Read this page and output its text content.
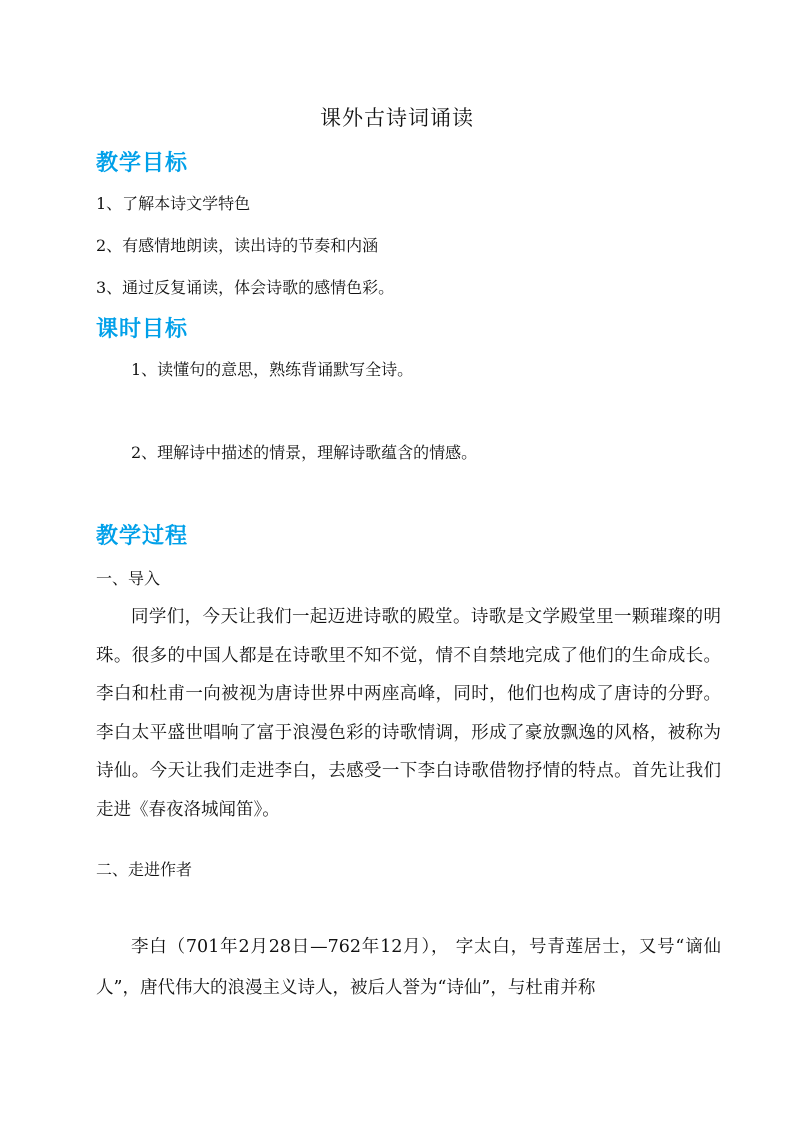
课外古诗词诵读
教学目标
1、了解本诗文学特色
2、有感情地朗读，读出诗的节奏和内涵
3、通过反复诵读，体会诗歌的感情色彩。
课时目标
1、读懂句的意思，熟练背诵默写全诗。
2、理解诗中描述的情景，理解诗歌蕴含的情感。
教学过程
一、导入

同学们，今天让我们一起迈进诗歌的殿堂。诗歌是文学殿堂里一颗璀璨的明珠。很多的中国人都是在诗歌里不知不觉，情不自禁地完成了他们的生命成长。李白和杜甫一向被视为唐诗世界中两座高峰，同时，他们也构成了唐诗的分野。李白太平盛世唱响了富于浪漫色彩的诗歌情调，形成了豪放飘逸的风格，被称为诗仙。今天让我们走进李白，去感受一下李白诗歌借物抒情的特点。首先让我们走进《春夜洛城闻笛》。

二、走进作者

李白（701年2月28日—762年12月）， 字太白，号青莲居士，又号“谪仙人”，唐代伟大的浪漫主义诗人，被后人誉为“诗仙”，与杜甫并称
